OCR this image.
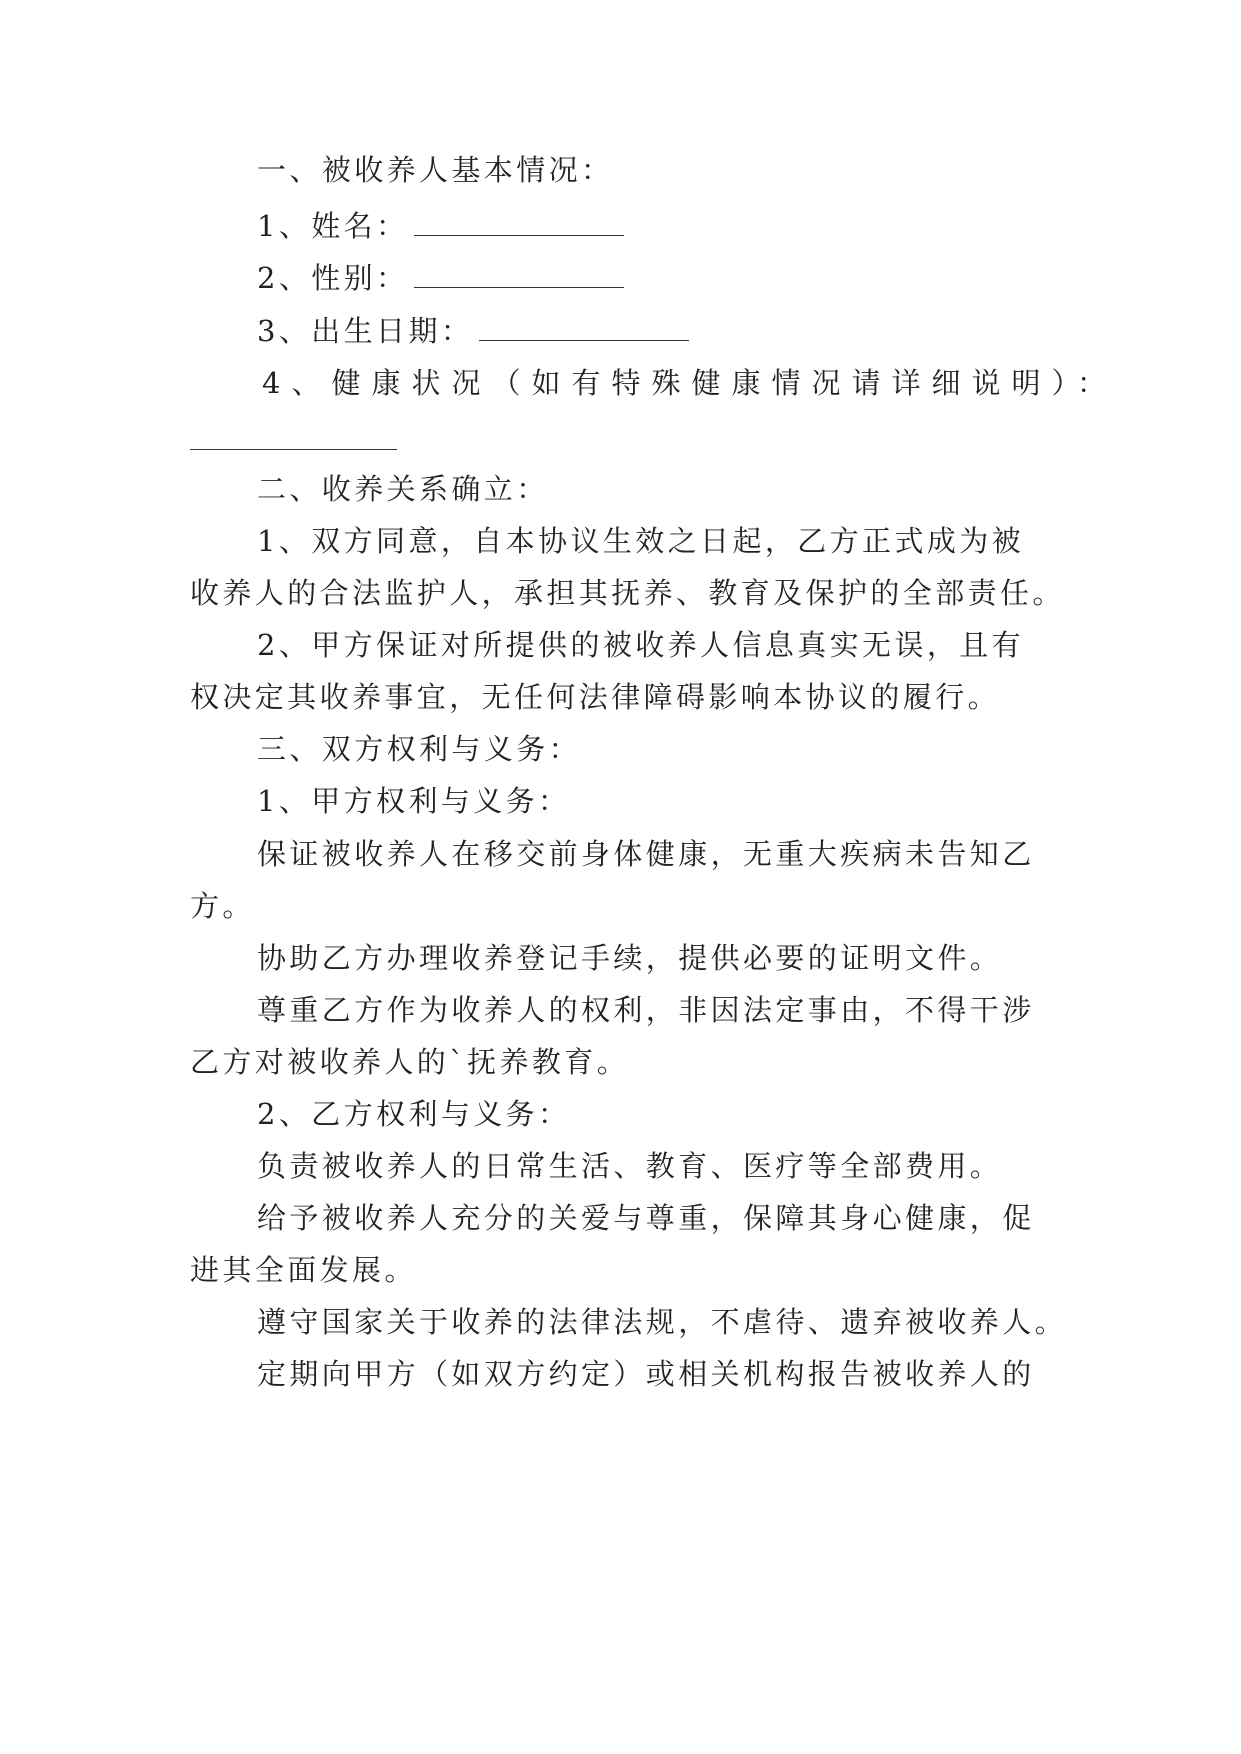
一、被收养人基本情况：
1、姓名：
2、性别：
3、出生日期：
4、健康状况（如有特殊健康情况请详细说明）：
二、收养关系确立：
1、双方同意，自本协议生效之日起，乙方正式成为被
收养人的合法监护人，承担其抚养、教育及保护的全部责任。
2、甲方保证对所提供的被收养人信息真实无误，且有
权决定其收养事宜，无任何法律障碍影响本协议的履行。
三、双方权利与义务：
1、甲方权利与义务：
保证被收养人在移交前身体健康，无重大疾病未告知乙
方。
协助乙方办理收养登记手续，提供必要的证明文件。
尊重乙方作为收养人的权利，非因法定事由，不得干涉
乙方对被收养人的`抚养教育。
2、乙方权利与义务：
负责被收养人的日常生活、教育、医疗等全部费用。
给予被收养人充分的关爱与尊重，保障其身心健康，促
进其全面发展。
遵守国家关于收养的法律法规，不虐待、遗弃被收养人。
定期向甲方（如双方约定）或相关机构报告被收养人的
